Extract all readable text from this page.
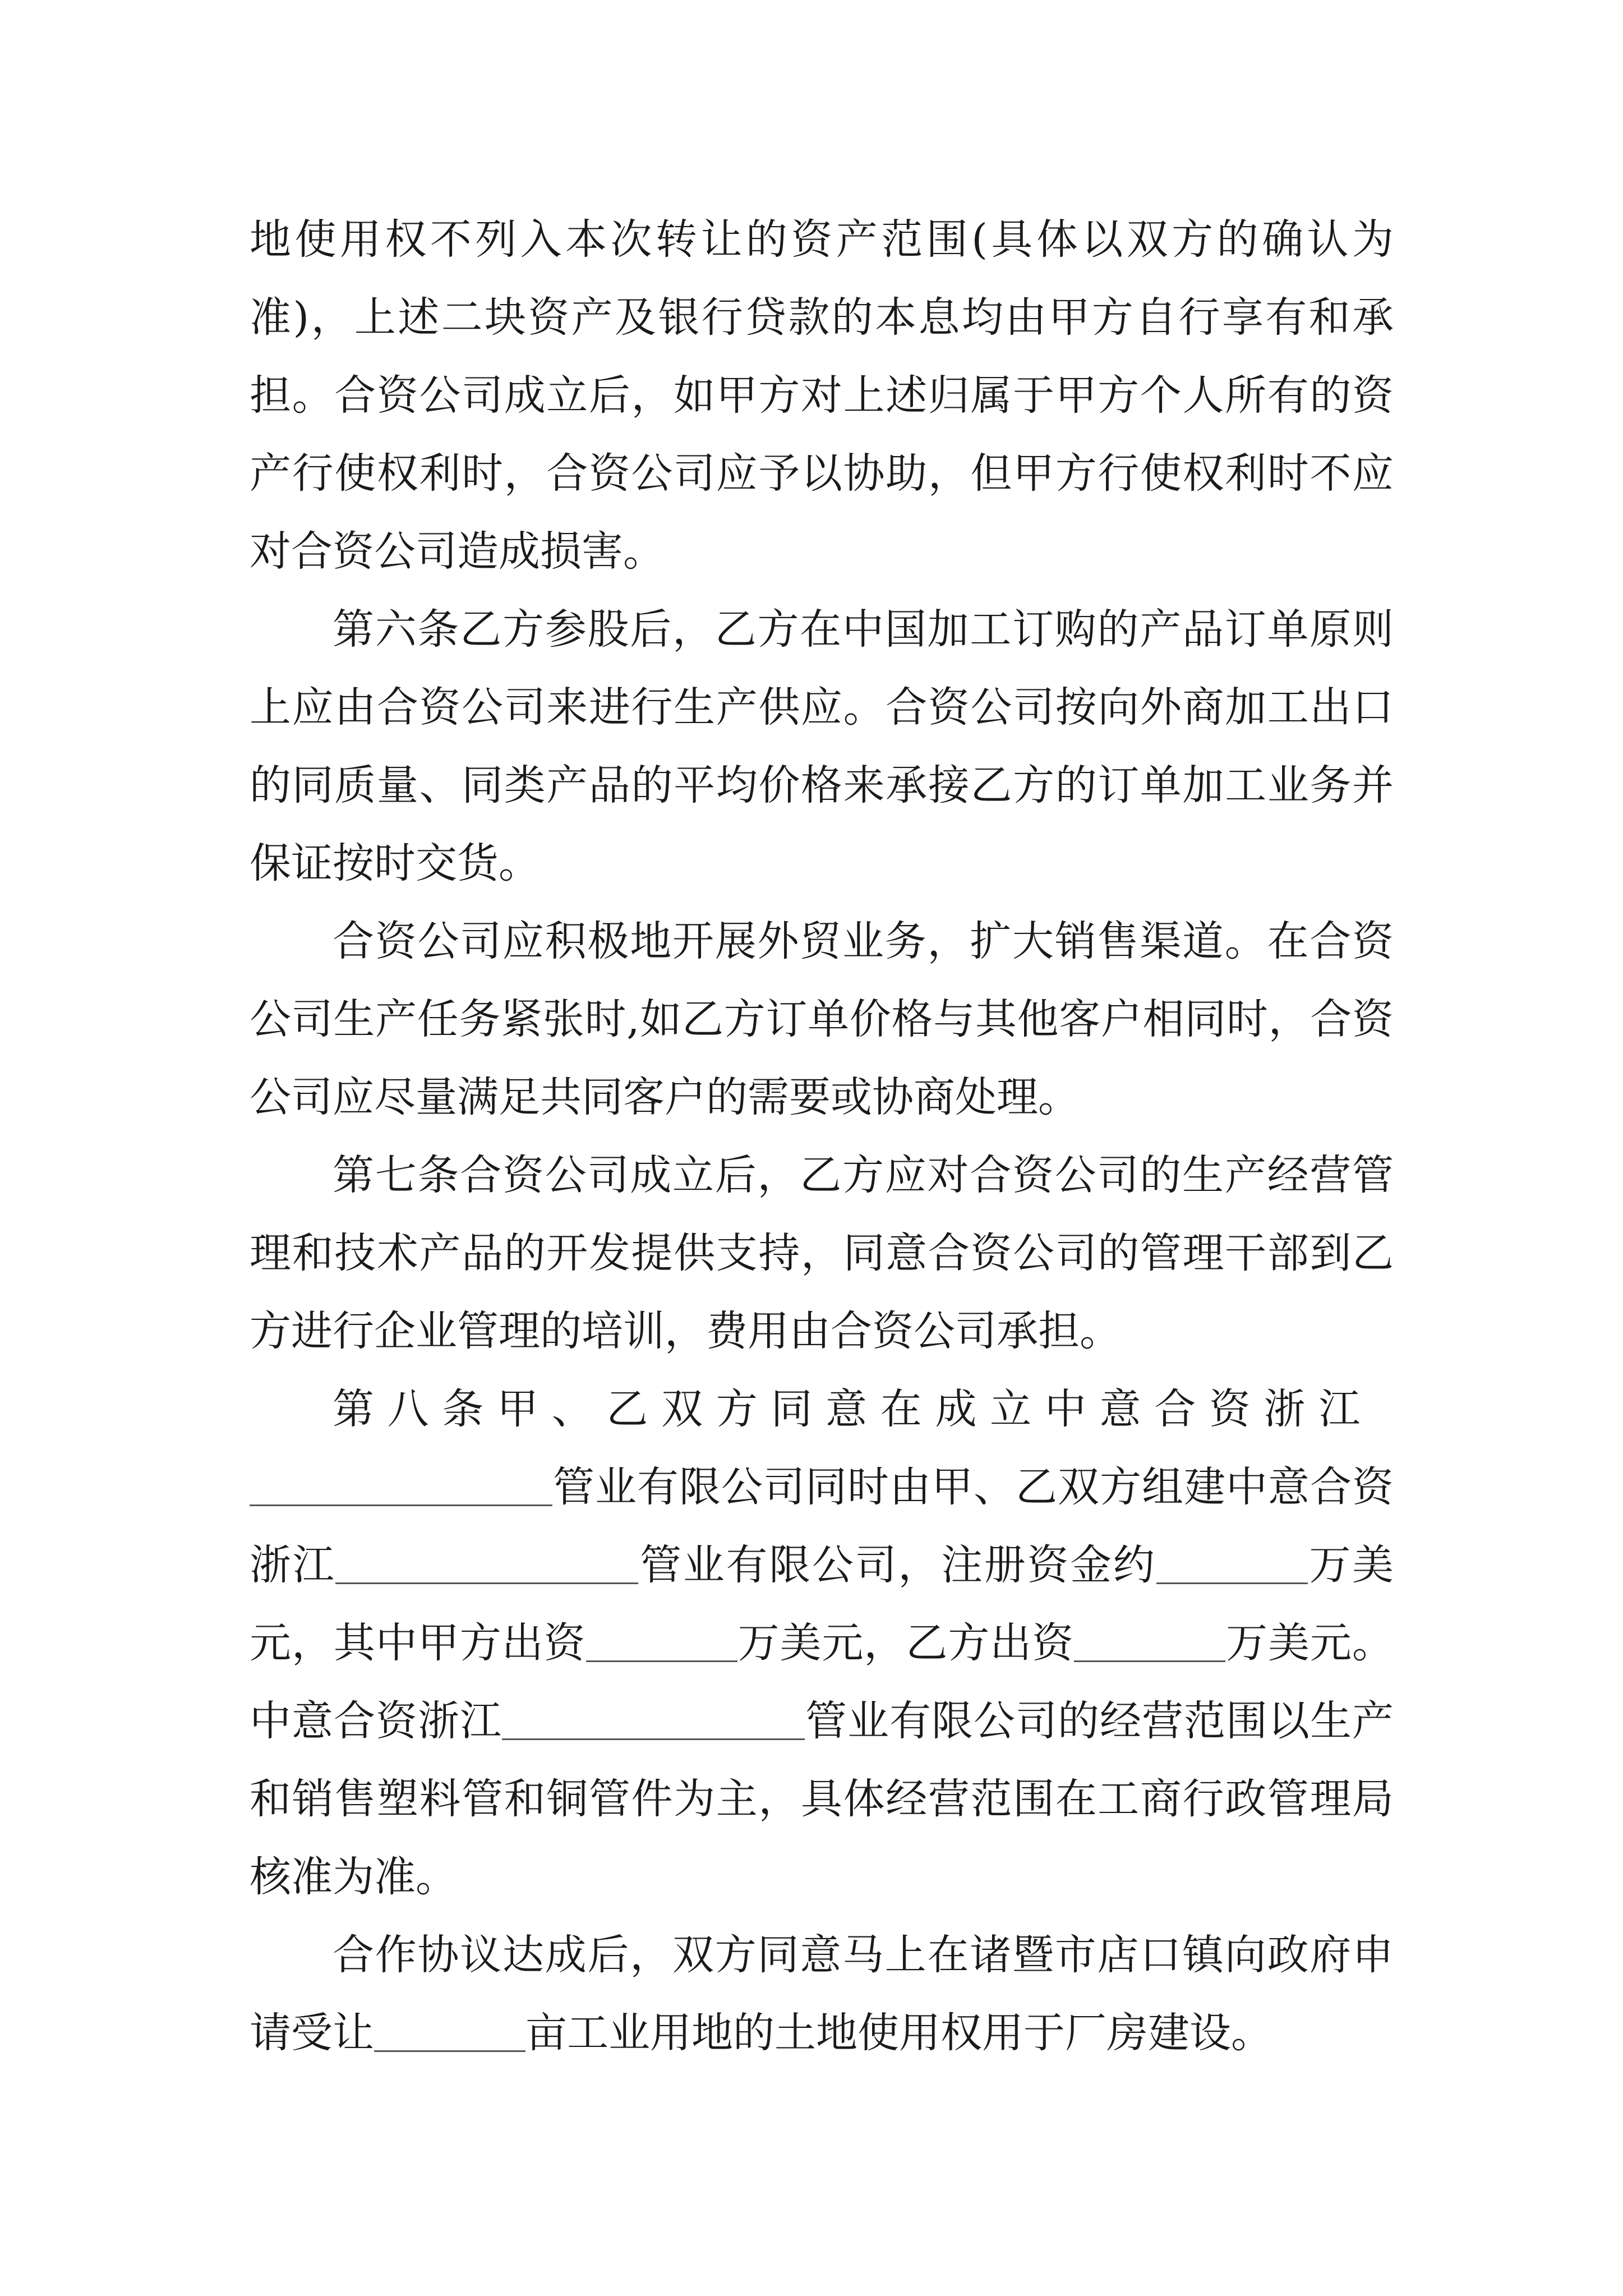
地使用权不列入本次转让的资产范围(具体以双方的确认为准)，上述二块资产及银行贷款的本息均由甲方自行享有和承担。合资公司成立后，如甲方对上述归属于甲方个人所有的资产行使权利时，合资公司应予以协助，但甲方行使权利时不应对合资公司造成损害。

第六条乙方参股后，乙方在中国加工订购的产品订单原则上应由合资公司来进行生产供应。合资公司按向外商加工出口的同质量、同类产品的平均价格来承接乙方的订单加工业务并保证按时交货。

合资公司应积极地开展外贸业务，扩大销售渠道。在合资公司生产任务紧张时,如乙方订单价格与其他客户相同时，合资公司应尽量满足共同客户的需要或协商处理。

第七条合资公司成立后，乙方应对合资公司的生产经营管理和技术产品的开发提供支持，同意合资公司的管理干部到乙方进行企业管理的培训，费用由合资公司承担。

第八条甲、乙双方同意在成立中意合资浙江

管业有限公司同时由甲、乙双方组建中意合资浙江	管业有限公司，注册资金约	万美元，其中甲方出资	万美元，乙方出资	万美元。中意合资浙江	管业有限公司的经营范围以生产和销售塑料管和铜管件为主，具体经营范围在工商行政管理局核准为准。

合作协议达成后，双方同意马上在诸暨市店口镇向政府申请受让	亩工业用地的土地使用权用于厂房建设。
